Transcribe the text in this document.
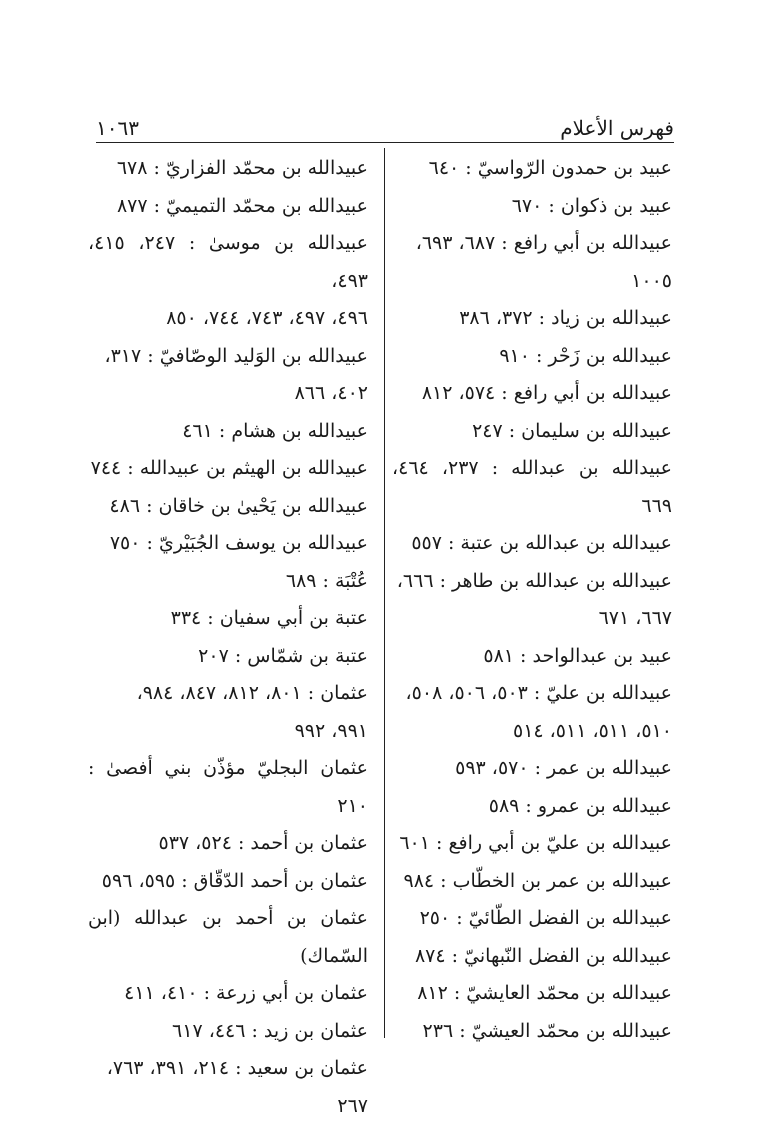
١٠٦٣	فهرس الأعلام
عبيد بن حمدون الرّواسيّ : ٦٤٠
عبيد بن ذكوان : ٦٧٠
عبيدالله بن أبي رافع : ٦٨٧، ٦٩٣،
١٠٠٥
عبيدالله بن زياد : ٣٧٢، ٣٨٦
عبيدالله بن زَحْر : ٩١٠
عبيدالله بن أبي رافع : ٥٧٤، ٨١٢
عبيدالله بن سليمان : ٢٤٧
عبيدالله بن عبدالله : ٢٣٧، ٤٦٤، ٦٦٩
عبيدالله بن عبدالله بن عتبة : ٥٥٧
عبيدالله بن عبدالله بن طاهر : ٦٦٦،
٦٦٧، ٦٧١
عبيد بن عبدالواحد : ٥٨١
عبيدالله بن عليّ : ٥٠٣، ٥٠٦، ٥٠٨،
٥١٠، ٥١١، ٥١١، ٥١٤
عبيدالله بن عمر : ٥٧٠، ٥٩٣
عبيدالله بن عمرو : ٥٨٩
عبيدالله بن عليّ بن أبي رافع : ٦٠١
عبيدالله بن عمر بن الخطّاب : ٩٨٤
عبيدالله بن الفضل الطّائيّ : ٢٥٠
عبيدالله بن الفضل النّبهانيّ : ٨٧٤
عبيدالله بن محمّد العايشيّ : ٨١٢
عبيدالله بن محمّد العيشيّ : ٢٣٦
عبيدالله بن محمّد الفزاريّ : ٦٧٨
عبيدالله بن محمّد التميميّ : ٨٧٧
عبيدالله بن موسىٰ : ٢٤٧، ٤١٥، ٤٩٣،
٤٩٦، ٤٩٧، ٧٤٣، ٧٤٤، ٨٥٠
عبيدالله بن الوَليد الوصّافيّ : ٣١٧،
٤٠٢، ٨٦٦
عبيدالله بن هشام : ٤٦١
عبيدالله بن الهيثم بن عبيدالله : ٧٤٤
عبيدالله بن يَحْيىٰ بن خاقان : ٤٨٦
عبيدالله بن يوسف الجُبَيْريّ : ٧٥٠
عُتْبَة : ٦٨٩
عتبة بن أبي سفيان : ٣٣٤
عتبة بن شمّاس : ٢٠٧
عثمان : ٨٠١، ٨١٢، ٨٤٧، ٩٨٤،
٩٩١، ٩٩٢
عثمان البجليّ مؤذّن بني أفصىٰ : ٢١٠
عثمان بن أحمد : ٥٢٤، ٥٣٧
عثمان بن أحمد الدّقّاق : ٥٩٥، ٥٩٦
عثمان بن أحمد بن عبدالله (ابن السّماك)
عثمان بن أبي زرعة : ٤١٠، ٤١١
عثمان بن زيد : ٤٤٦، ٦١٧
عثمان بن سعيد : ٢١٤، ٣٩١، ٧٦٣،
٢٦٧
